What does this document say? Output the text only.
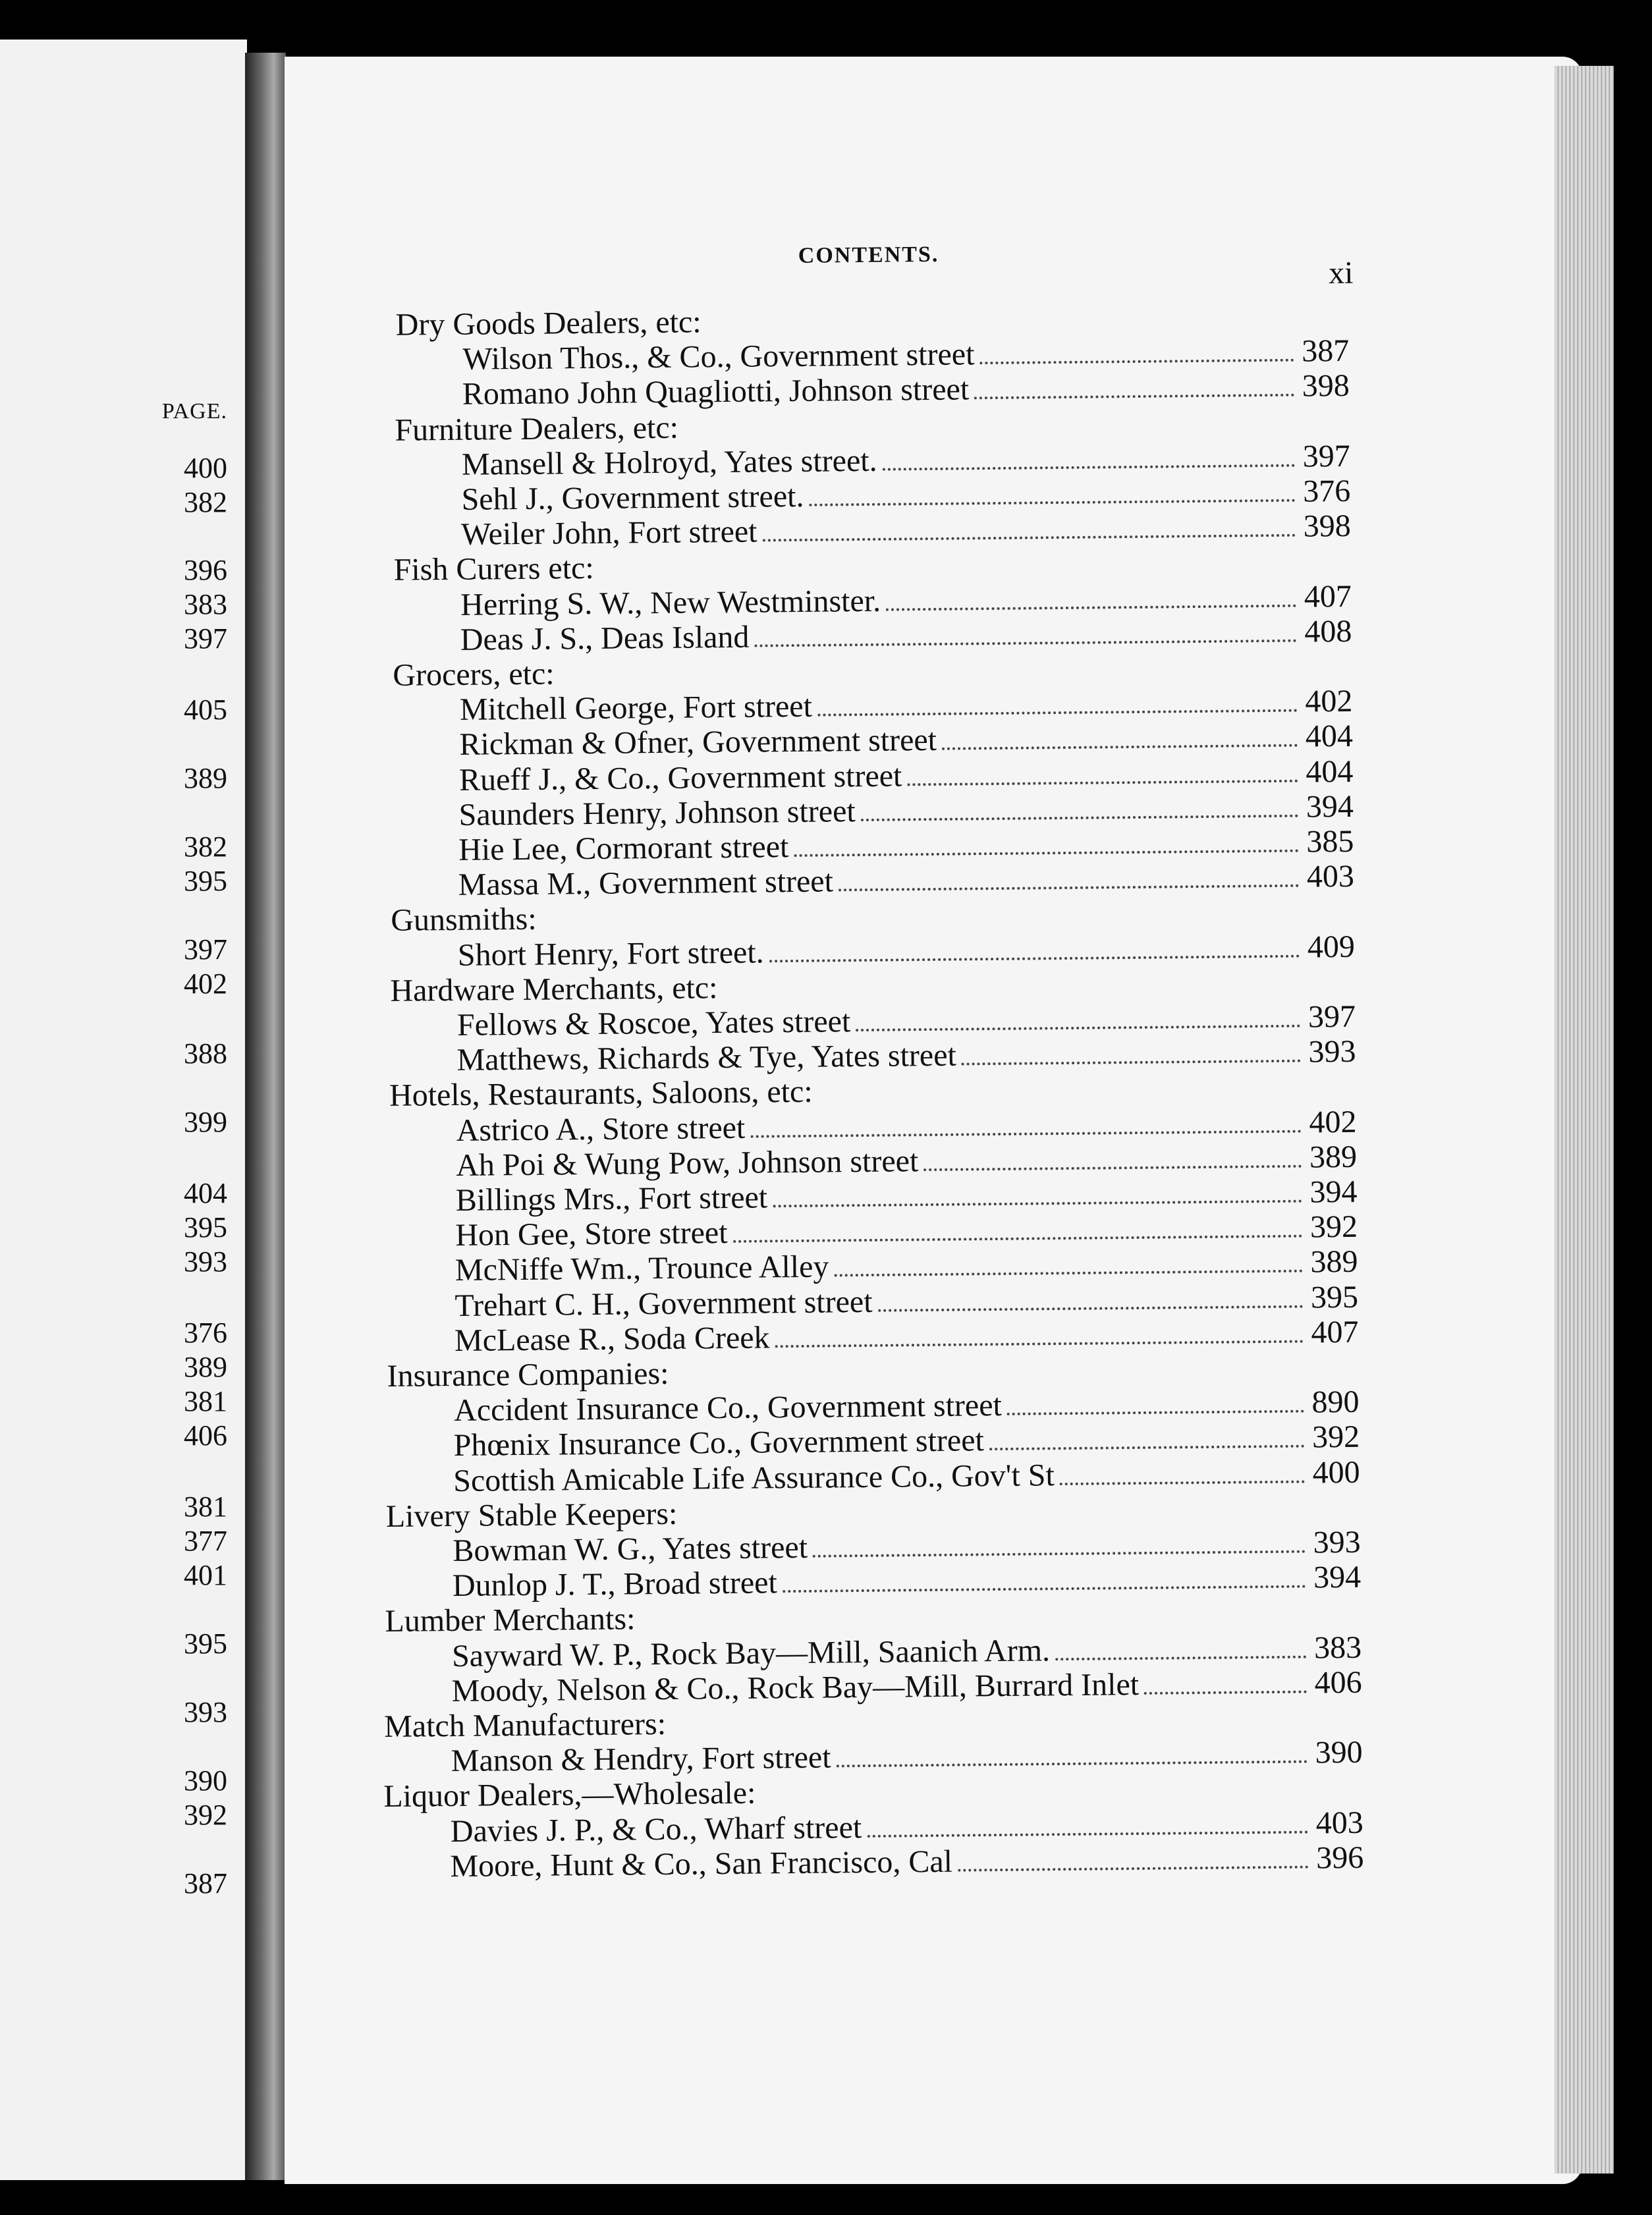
PAGE.
400
382
396
383
397
405
389
382
395
397
402
388
399
404
395
393
376
389
381
406
381
377
401
395
393
390
392
387
CONTENTS.
xi
Dry Goods Dealers, etc:
Wilson Thos., & Co., Government street	387
Romano John Quagliotti, Johnson street	398
Furniture Dealers, etc:
Mansell & Holroyd, Yates street.	397
Sehl J., Government street.	376
Weiler John, Fort street	398
Fish Curers etc:
Herring S. W., New Westminster.	407
Deas J. S., Deas Island	408
Grocers, etc:
Mitchell George, Fort street	402
Rickman & Ofner, Government street	404
Rueff J., & Co., Government street	404
Saunders Henry, Johnson street	394
Hie Lee, Cormorant street	385
Massa M., Government street	403
Gunsmiths:
Short Henry, Fort street.	409
Hardware Merchants, etc:
Fellows & Roscoe, Yates street	397
Matthews, Richards & Tye, Yates street	393
Hotels, Restaurants, Saloons, etc:
Astrico A., Store street	402
Ah Poi & Wung Pow, Johnson street	389
Billings Mrs., Fort street	394
Hon Gee, Store street	392
McNiffe Wm., Trounce Alley	389
Trehart C. H., Government street	395
McLease R., Soda Creek	407
Insurance Companies:
Accident Insurance Co., Government street	890
Phœnix Insurance Co., Government street	392
Scottish Amicable Life Assurance Co., Gov't St	400
Livery Stable Keepers:
Bowman W. G., Yates street	393
Dunlop J. T., Broad street	394
Lumber Merchants:
Sayward W. P., Rock Bay—Mill, Saanich Arm.	383
Moody, Nelson & Co., Rock Bay—Mill, Burrard Inlet	406
Match Manufacturers:
Manson & Hendry, Fort street	390
Liquor Dealers,—Wholesale:
Davies J. P., & Co., Wharf street	403
Moore, Hunt & Co., San Francisco, Cal	396
